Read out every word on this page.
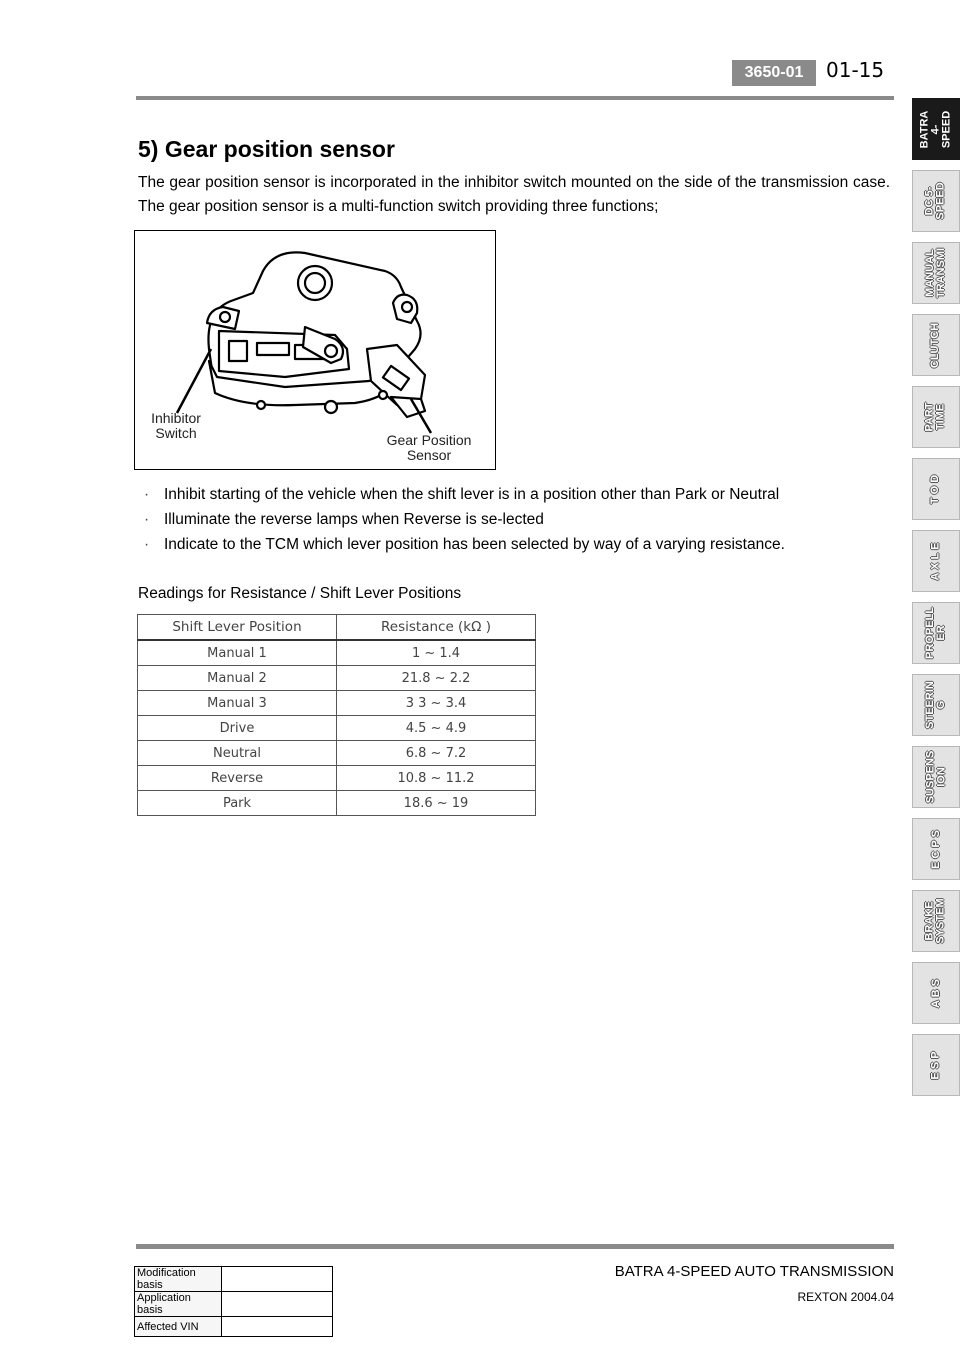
3650-01	01-15
BATRA 4-
SPEED
DC 5-
SPEED
MANUAL
TRANSMI
CLUTCH
PART
TIME
T O D
A X L E
PROPELL
ER
STEERIN
G
SUSPENS
ION
E C P S
BRAKE
SYSTEM
A B S
E S P
5) Gear position sensor
The gear position sensor is incorporated in the inhibitor switch mounted on the side of the transmission case. The gear position sensor is a multi-function switch providing three functions;
Inhibitor
Switch	Gear Position
Sensor
· Inhibit starting of the vehicle when the shift lever is in a position other than Park or Neutral
· Illuminate the reverse lamps when Reverse is se-lected
· Indicate to the TCM which lever position has been selected by way of a varying resistance.
Readings for Resistance / Shift Lever Positions
Shift Lever Position	Resistance (kΩ )
Manual 1	1 ~ 1.4
Manual 2	21.8 ~ 2.2
Manual 3	3 3 ~ 3.4
Drive	4.5 ~ 4.9
Neutral	6.8 ~ 7.2
Reverse	10.8 ~ 11.2
Park	18.6 ~ 19
BATRA 4-SPEED AUTO TRANSMISSION
REXTON 2004.04
Modification basis	
Application basis	
Affected VIN	
